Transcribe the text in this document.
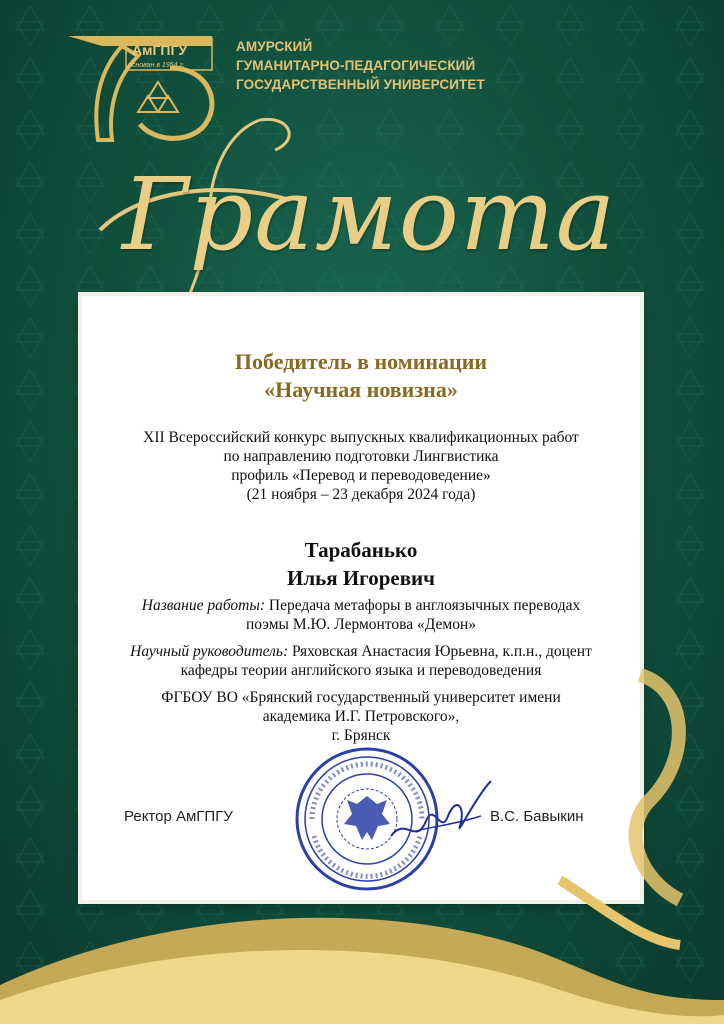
АмГПГУ
основан в 1954 г.
АМУРСКИЙ
ГУМАНИТАРНО-ПЕДАГОГИЧЕСКИЙ
ГОСУДАРСТВЕННЫЙ УНИВЕРСИТЕТ
Грамота
Победитель в номинации
«Научная новизна»
XII Всероссийский конкурс выпускных квалификационных работ
по направлению подготовки Лингвистика
профиль «Перевод и переводоведение»
(21 ноября – 23 декабря 2024 года)
Тарабанько
Илья Игоревич
Название работы: Передача метафоры в англоязычных переводах
поэмы М.Ю. Лермонтова «Демон»
Научный руководитель: Ряховская Анастасия Юрьевна, к.п.н., доцент
кафедры теории английского языка и переводоведения
ФГБОУ ВО «Брянский государственный университет имени
академика И.Г. Петровского»,
г. Брянск
Ректор АмГПГУ	В.С. Бавыкин
